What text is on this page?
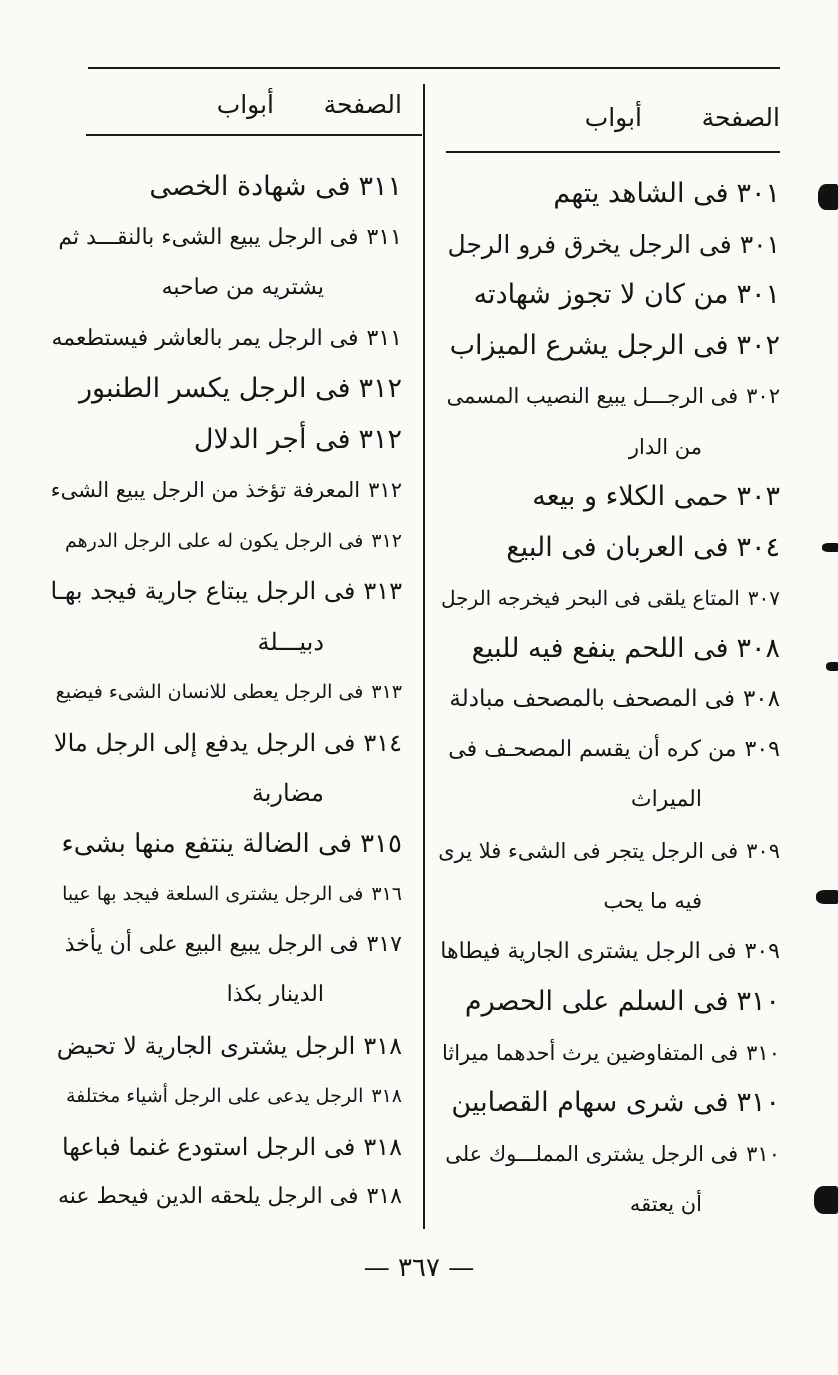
الصفحة
أبواب
٣٠١فى الشاهد يتهم
٣٠١فى الرجل يخرق فرو الرجل
٣٠١من كان لا تجوز شهادته
٣٠٢فى الرجل يشرع الميزاب
٣٠٢فى الرجـــل يبيع النصيب المسمى
من الدار
٣٠٣حمى الكلاء و بيعه
٣٠٤فى العربان فى البيع
٣٠٧المتاع يلقى فى البحر فيخرجه الرجل
٣٠٨فى اللحم ينفع فيه للبيع
٣٠٨فى المصحف بالمصحف مبادلة
٣٠٩من كره أن يقسم المصحـف فى
الميراث
٣٠٩فى الرجل يتجر فى الشىء فلا يرى
فيه ما يحب
٣٠٩فى الرجل يشترى الجارية فيطاها
٣١٠فى السلم على الحصرم
٣١٠فى المتفاوضين يرث أحدهما ميراثا
٣١٠فى شرى سهام القصابين
٣١٠فى الرجل يشترى المملـــوك على
أن يعتقه
الصفحة
أبواب
٣١١فى شهادة الخصى
٣١١فى الرجل يبيع الشىء بالنقـــد ثم
يشتريه من صاحبه
٣١١فى الرجل يمر بالعاشر فيستطعمه
٣١٢فى الرجل يكسر الطنبور
٣١٢فى أجر الدلال
٣١٢المعرفة تؤخذ من الرجل يبيع الشىء
٣١٢فى الرجل يكون له على الرجل الدرهم
٣١٣فى الرجل يبتاع جارية فيجد بهـا
دبيـــلة
٣١٣فى الرجل يعطى للانسان الشىء فيضيع
٣١٤فى الرجل يدفع إلى الرجل مالا
مضاربة
٣١٥فى الضالة ينتفع منها بشىء
٣١٦فى الرجل يشترى السلعة فيجد بها عيبا
٣١٧فى الرجل يبيع البيع على أن يأخذ
الدينار بكذا
٣١٨الرجل يشترى الجارية لا تحيض
٣١٨الرجل يدعى على الرجل أشياء مختلفة
٣١٨فى الرجل استودع غنما فباعها
٣١٨فى الرجل يلحقه الدين فيحط عنه
— ٣٦٧ —
